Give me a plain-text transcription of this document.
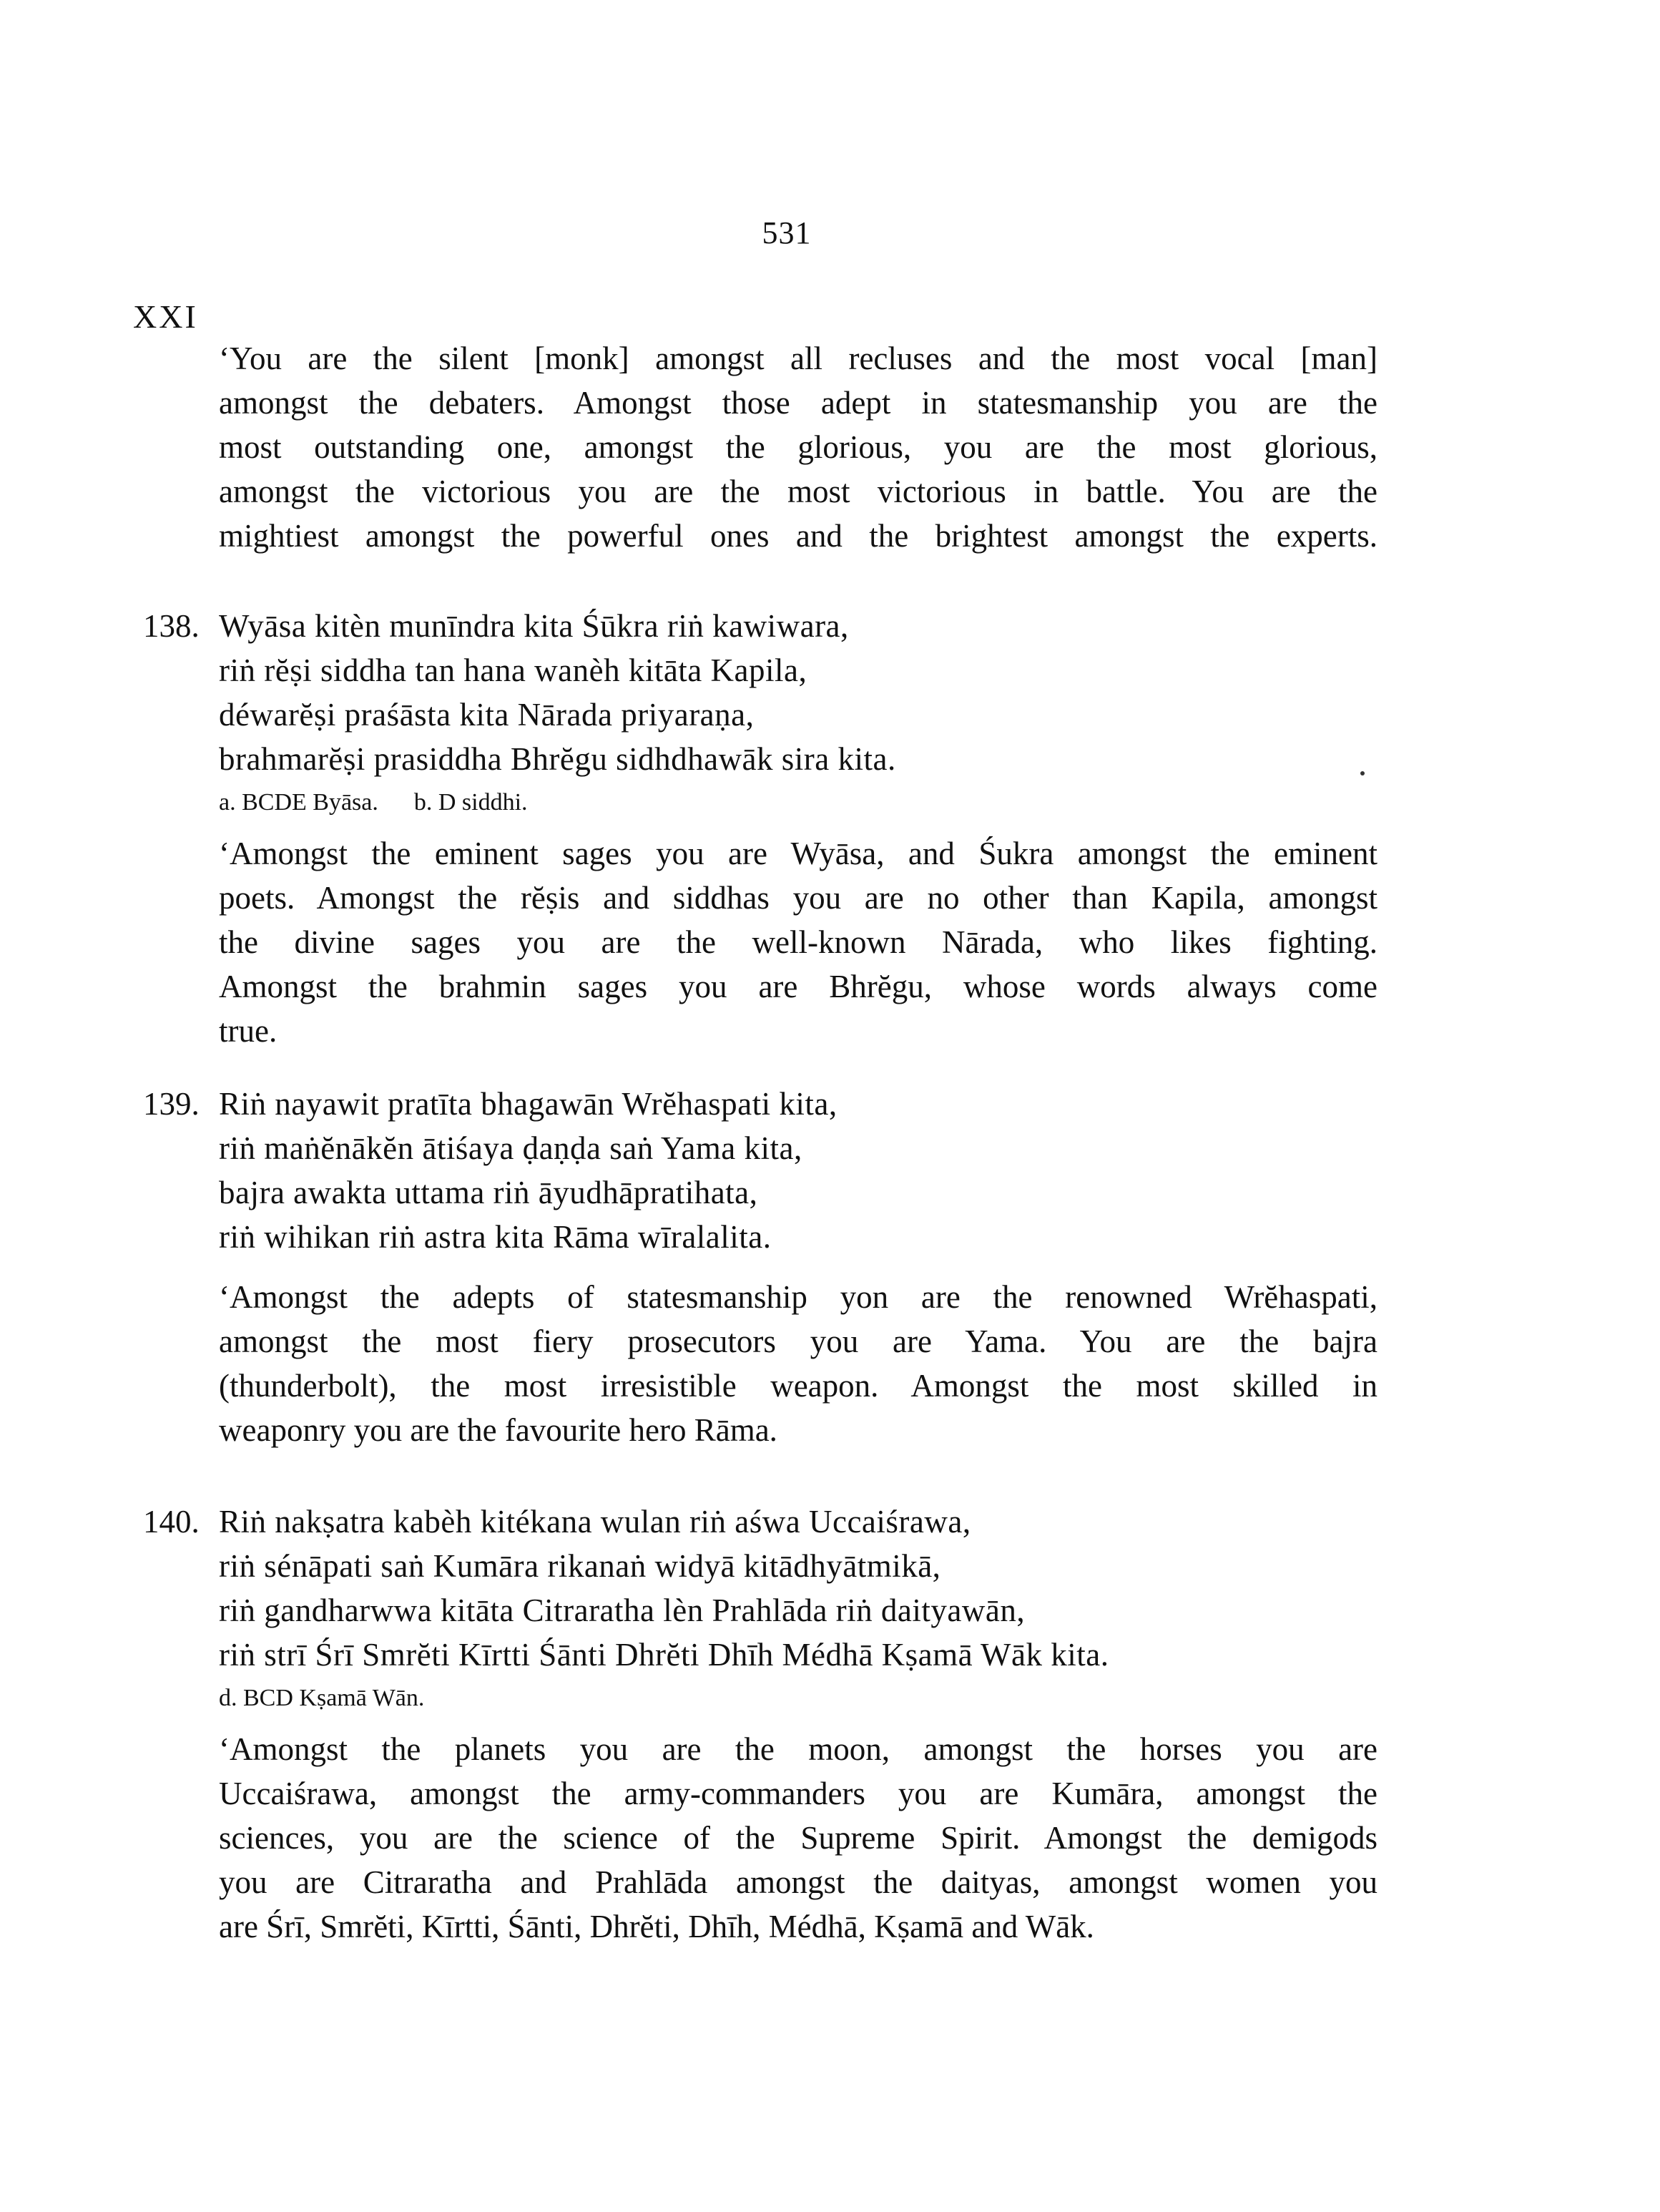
531
XXI
‘You are the silent [monk] amongst all recluses and the most vocal [man]
amongst the debaters. Amongst those adept in statesmanship you are the
most outstanding one, amongst the glorious, you are the most glorious,
amongst the victorious you are the most victorious in battle. You are the
mightiest amongst the powerful ones and the brightest amongst the experts.
138. Wyāsa kitèn munīndra kita Śūkra riṅ kawiwara,
riṅ rĕṣi siddha tan hana wanèh kitāta Kapila,
déwarĕṣi praśāsta kita Nārada priyaraṇa,
brahmarĕṣi prasiddha Bhrĕgu sidhdhawāk sira kita.
a. BCDE Byāsa. b. D siddhi.
‘Amongst the eminent sages you are Wyāsa, and Śukra amongst the eminent
poets. Amongst the rĕṣis and siddhas you are no other than Kapila, amongst
the divine sages you are the well-known Nārada, who likes fighting.
Amongst the brahmin sages you are Bhrĕgu, whose words always come
true.
139. Riṅ nayawit pratīta bhagawān Wrĕhaspati kita,
riṅ maṅĕnākĕn ātiśaya ḍaṇḍa saṅ Yama kita,
bajra awakta uttama riṅ āyudhāpratihata,
riṅ wihikan riṅ astra kita Rāma wīralalita.
‘Amongst the adepts of statesmanship yon are the renowned Wrĕhaspati,
amongst the most fiery prosecutors you are Yama. You are the bajra
(thunderbolt), the most irresistible weapon. Amongst the most skilled in
weaponry you are the favourite hero Rāma.
140. Riṅ nakṣatra kabèh kitékana wulan riṅ aśwa Uccaiśrawa,
riṅ sénāpati saṅ Kumāra rikanaṅ widyā kitādhyātmikā,
riṅ gandharwwa kitāta Citraratha lèn Prahlāda riṅ daityawān,
riṅ strī Śrī Smrĕti Kīrtti Śānti Dhrĕti Dhīh Médhā Kṣamā Wāk kita.
d. BCD Kṣamā Wān.
‘Amongst the planets you are the moon, amongst the horses you are
Uccaiśrawa, amongst the army-commanders you are Kumāra, amongst the
sciences, you are the science of the Supreme Spirit. Amongst the demigods
you are Citraratha and Prahlāda amongst the daityas, amongst women you
are Śrī, Smrĕti, Kīrtti, Śānti, Dhrĕti, Dhīh, Médhā, Kṣamā and Wāk.
